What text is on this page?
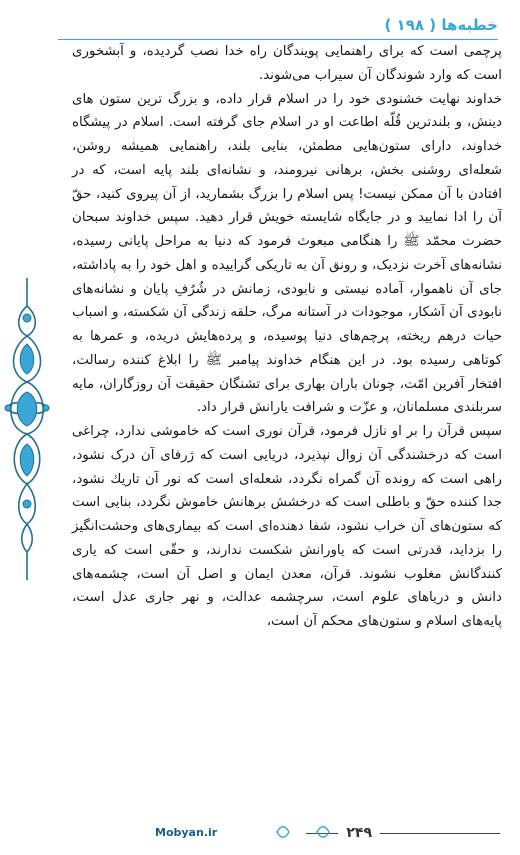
خطبه‌ها ( ۱۹۸ )

پرچمی است که برای راهنمایی پویندگان راه خدا نصب گردیده، و آبشخوری است که وارد شوندگان آن سیراب می‌شوند.

خداوند نهایت خشنودی خود را در اسلام قرار داده، و بزرگ ترین ستون های دینش، و بلندترین قُلّه اطاعت او در اسلام جای گرفته است. اسلام در پیشگاه خداوند، دارای ستون‌هایی مطمئن، بنایی بلند، راهنمایی همیشه روشن، شعله‌ای روشنی بخش، برهانی نیرومند، و نشانه‌ای بلند پایه است، که در افتادن با آن ممکن نیست! پس اسلام را بزرگ بشمارید، از آن پیروی کنید، حقّ آن را ادا نمایید و در جایگاه شایسته خویش قرار دهید. سپس خداوند سبحان حضرت محمّد ﷺ را هنگامی مبعوث فرمود که دنیا به مراحل پایانی رسیده، نشانه‌های آخرت نزدیک، و رونق آن به تاریکی گراییده و اهل خود را به پاداشته، جای آن ناهموار، آماده نیستی و نابودی، زمانش در شُرُفِ پایان و نشانه‌های نابودی آن آشکار، موجودات در آستانه مرگ، حلقه زندگی آن شکسته، و اسباب حیات درهم ریخته، پرچم‌های دنیا پوسیده، و پرده‌هایش دریده، و عمرها به کوتاهی رسیده بود. در این هنگام خداوند پیامبر ﷺ را ابلاغ کننده رسالت، افتخار آفرین امّت، چونان باران بهاری برای تشنگان حقیقت آن روزگاران، مایه سربلندی مسلمانان، و عزّت و شرافت یارانش قرار داد.

سپس قرآن را بر او نازل فرمود، قرآن نوری است که خاموشی ندارد، چراغی است که درخشندگی آن زوال نپذیرد، دریایی است که ژرفای آن درک نشود، راهی است که رونده آن گمراه نگردد، شعله‌ای است که نور آن تاریك نشود، جدا کننده حقّ و باطلی است که درخشش برهانش خاموش نگردد، بنایی است که ستون‌های آن خراب نشود، شفا دهنده‌ای است که بیماری‌های وحشت‌انگیز را بزداید، قدرتی است که یاورانش شکست ندارند، و حقّی است که یاری کنندگانش مغلوب نشوند. قرآن، معدن ایمان و اصل آن است، چشمه‌های دانش و دریاهای علوم است، سرچشمه عدالت، و نهر جاری عدل است، پایه‌های اسلام و ستون‌های محکم آن است،

۲۴۹
Mobyan.ir
